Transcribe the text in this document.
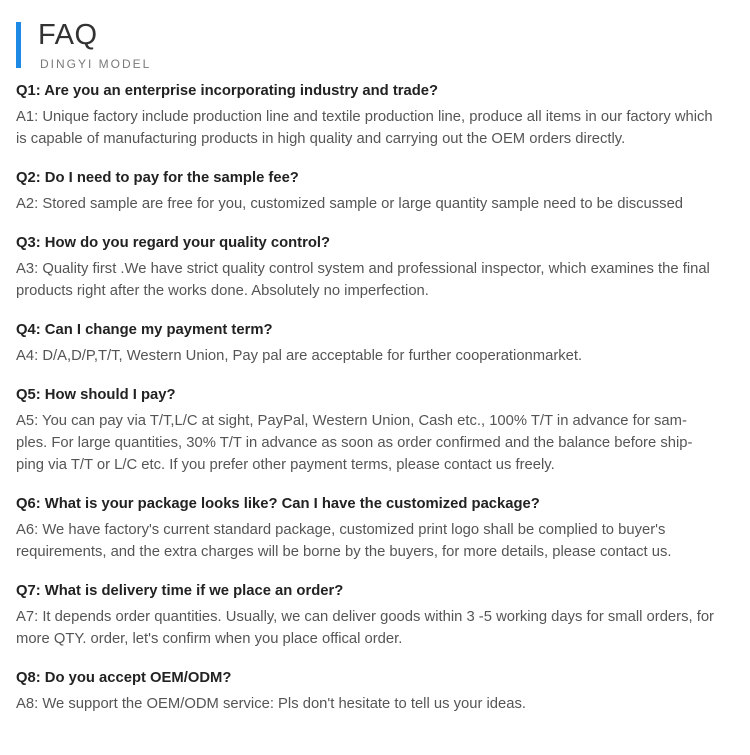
FAQ
DINGYI MODEL

Q1: Are you an enterprise incorporating industry and trade?

A1: Unique factory include production line and textile production line, produce all items in our factory which
is capable of manufacturing products in high quality and carrying out the OEM orders directly.

Q2: Do I need to pay for the sample fee?

A2: Stored sample are free for you, customized sample or large quantity sample need to be discussed

Q3: How do you regard your quality control?

A3: Quality first .We have strict quality control system and professional inspector, which examines the final
products right after the works done. Absolutely no imperfection.

Q4: Can I change my payment term?

A4: D/A,D/P,T/T, Western Union, Pay pal are acceptable for further cooperationmarket.

Q5: How should I pay?

A5: You can pay via T/T,L/C at sight, PayPal, Western Union, Cash etc., 100% T/T in advance for sam-
ples. For large quantities, 30% T/T in advance as soon as order confirmed and the balance before ship-
ping via T/T or L/C etc. If you prefer other payment terms, please contact us freely.

Q6: What is your package looks like? Can I have the customized package?

A6: We have factory's current standard package, customized print logo shall be complied to buyer's
requirements, and the extra charges will be borne by the buyers, for more details, please contact us.

Q7: What is delivery time if we place an order?

A7: It depends order quantities. Usually, we can deliver goods within 3 -5 working days for small orders, for
more QTY. order, let's confirm when you place offical order.

Q8: Do you accept OEM/ODM?

A8: We support the OEM/ODM service: Pls don't hesitate to tell us your ideas.
